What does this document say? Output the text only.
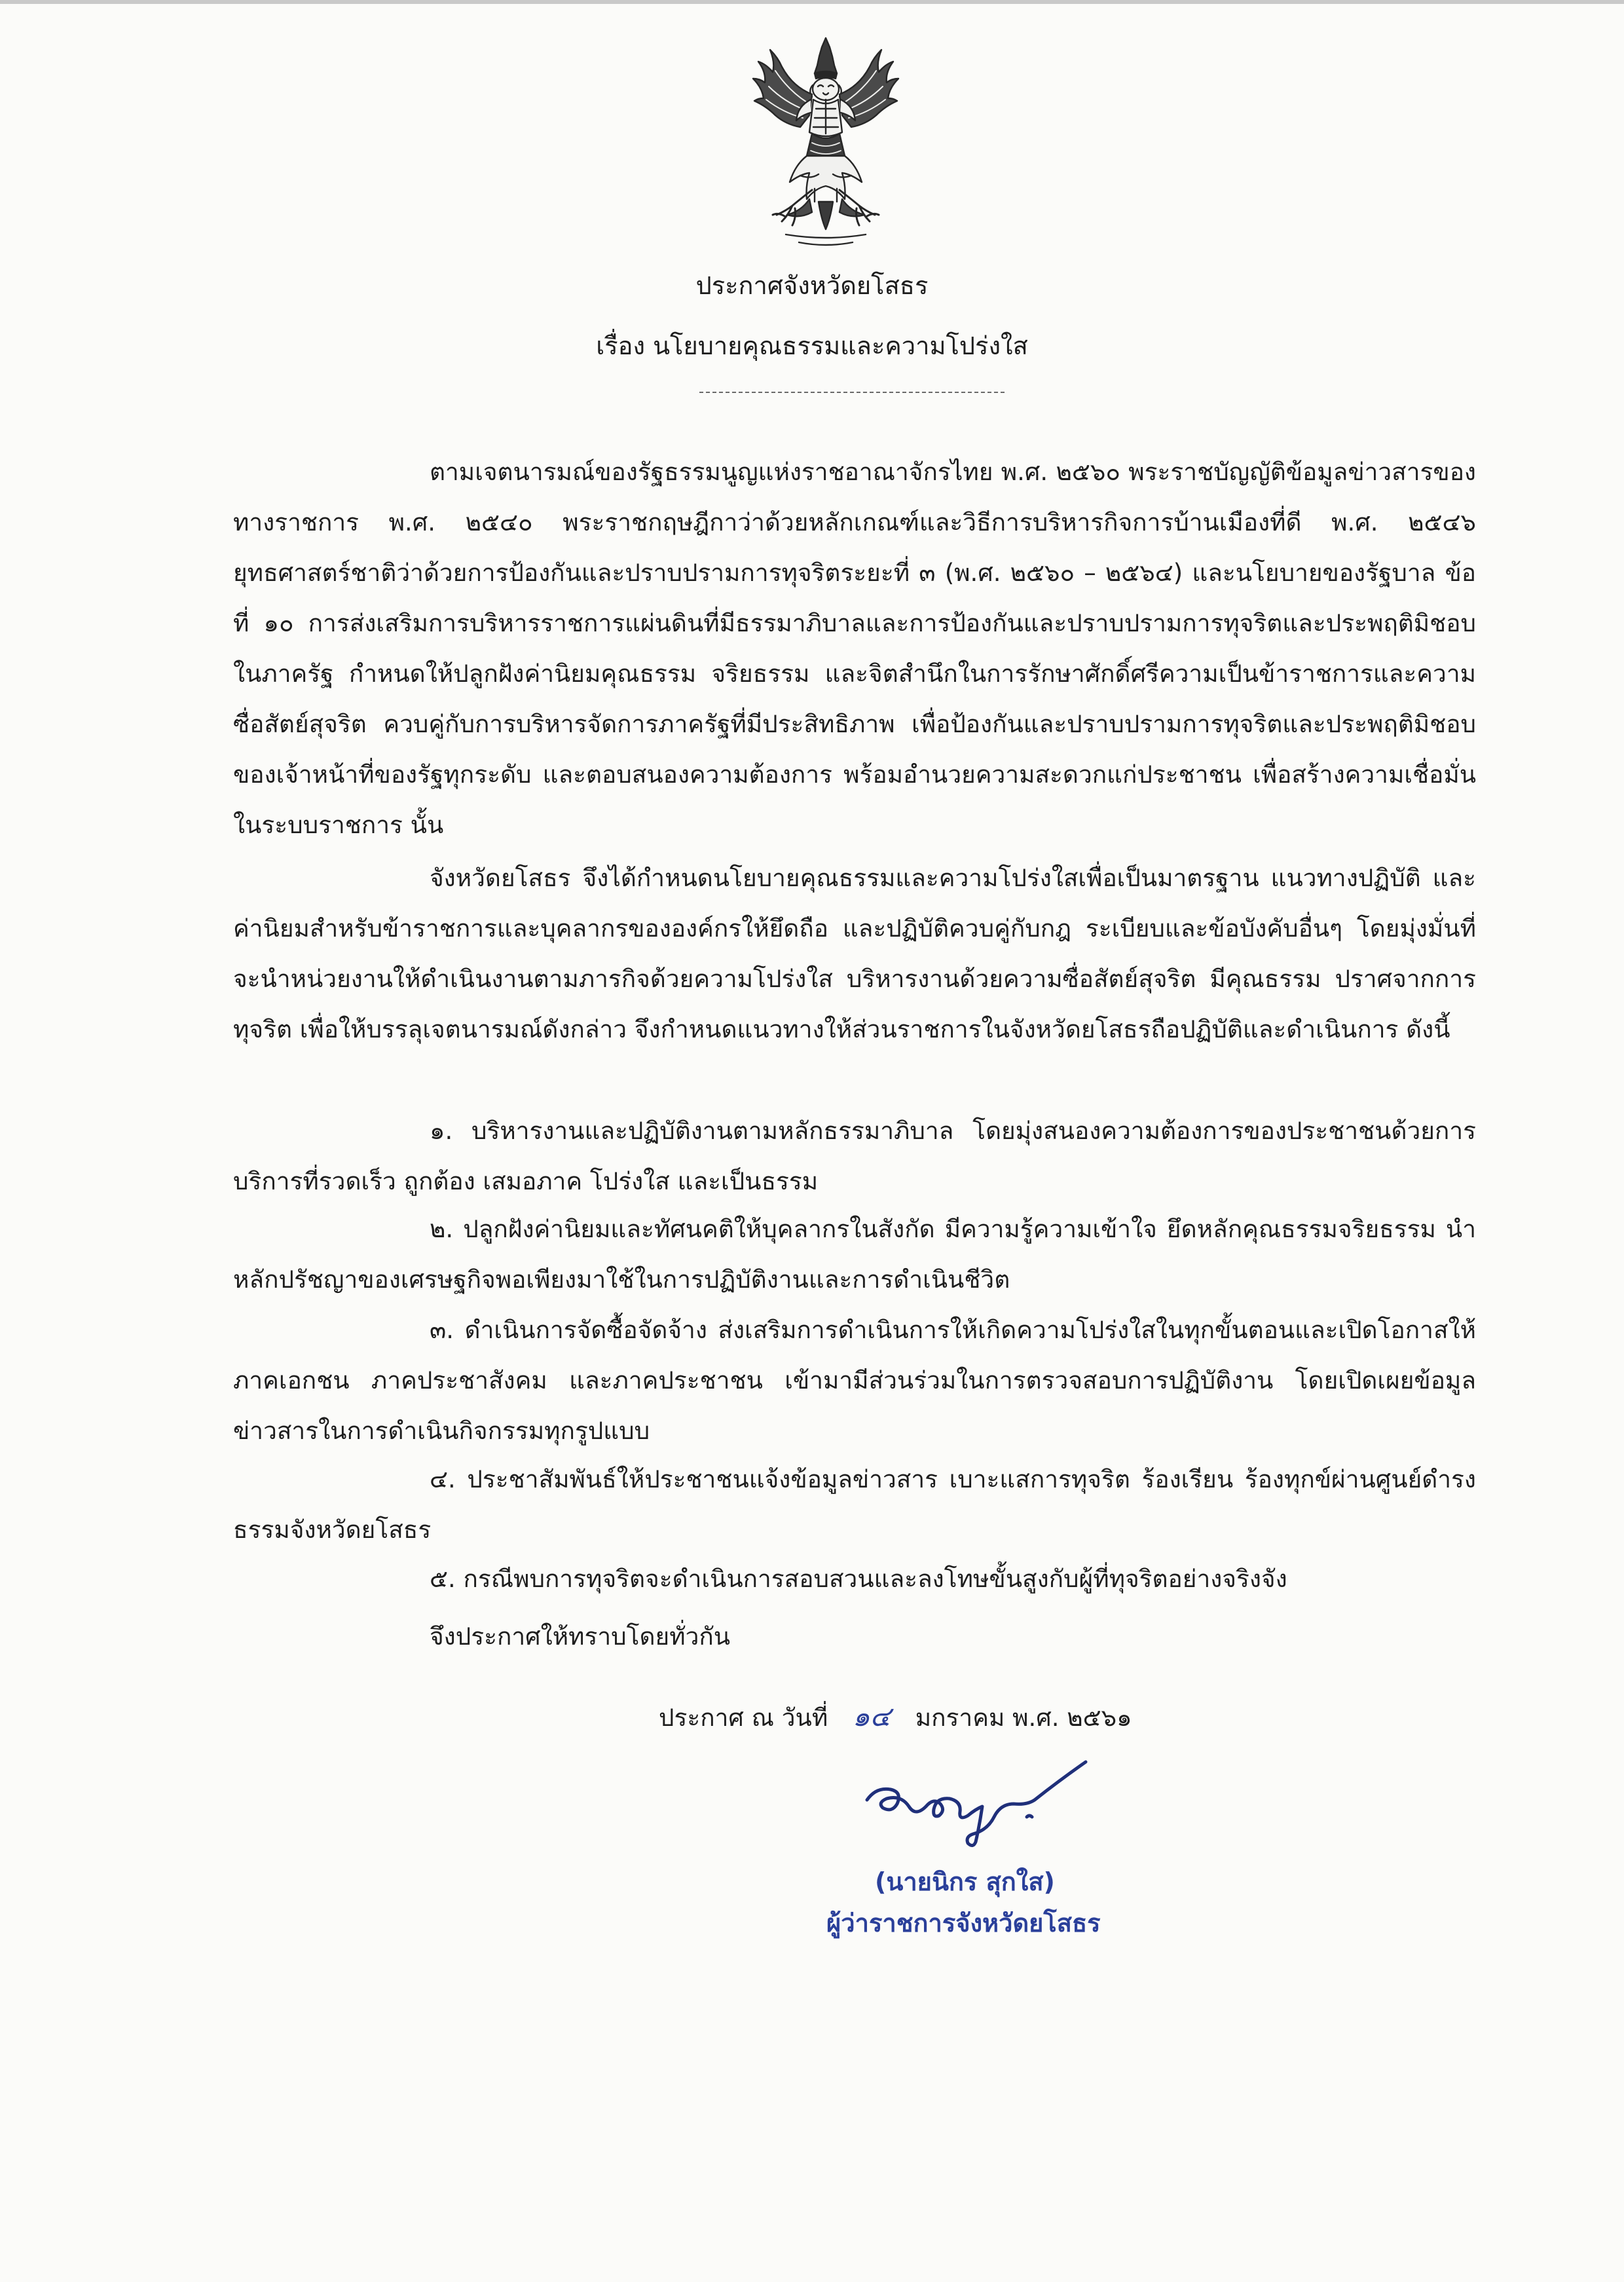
ประกาศจังหวัดยโสธร
เรื่อง นโยบายคุณธรรมและความโปร่งใส

ตามเจตนารมณ์ของรัฐธรรมนูญแห่งราชอาณาจักรไทย พ.ศ. ๒๕๖๐ พระราชบัญญัติข้อมูลข่าวสารของทางราชการ พ.ศ. ๒๕๔๐ พระราชกฤษฎีกาว่าด้วยหลักเกณฑ์และวิธีการบริหารกิจการบ้านเมืองที่ดี พ.ศ. ๒๕๔๖ ยุทธศาสตร์ชาติว่าด้วยการป้องกันและปราบปรามการทุจริตระยะที่ ๓ (พ.ศ. ๒๕๖๐ – ๒๕๖๔) และนโยบายของรัฐบาล ข้อที่ ๑๐ การส่งเสริมการบริหารราชการแผ่นดินที่มีธรรมาภิบาลและการป้องกันและปราบปรามการทุจริตและประพฤติมิชอบในภาครัฐ กำหนดให้ปลูกฝังค่านิยมคุณธรรม จริยธรรม และจิตสำนึกในการรักษาศักดิ์ศรีความเป็นข้าราชการและความซื่อสัตย์สุจริต ควบคู่กับการบริหารจัดการภาครัฐที่มีประสิทธิภาพ เพื่อป้องกันและปราบปรามการทุจริตและประพฤติมิชอบของเจ้าหน้าที่ของรัฐทุกระดับ และตอบสนองความต้องการ พร้อมอำนวยความสะดวกแก่ประชาชน เพื่อสร้างความเชื่อมั่นในระบบราชการ นั้น

จังหวัดยโสธร จึงได้กำหนดนโยบายคุณธรรมและความโปร่งใสเพื่อเป็นมาตรฐาน แนวทางปฏิบัติ และค่านิยมสำหรับข้าราชการและบุคลากรขององค์กรให้ยึดถือ และปฏิบัติควบคู่กับกฎ ระเบียบและข้อบังคับอื่นๆ โดยมุ่งมั่นที่จะนำหน่วยงานให้ดำเนินงานตามภารกิจด้วยความโปร่งใส บริหารงานด้วยความซื่อสัตย์สุจริต มีคุณธรรม ปราศจากการทุจริต เพื่อให้บรรลุเจตนารมณ์ดังกล่าว จึงกำหนดแนวทางให้ส่วนราชการในจังหวัดยโสธรถือปฏิบัติและดำเนินการ ดังนี้

๑. บริหารงานและปฏิบัติงานตามหลักธรรมาภิบาล โดยมุ่งสนองความต้องการของประชาชนด้วยการบริการที่รวดเร็ว ถูกต้อง เสมอภาค โปร่งใส และเป็นธรรม

๒. ปลูกฝังค่านิยมและทัศนคติให้บุคลากรในสังกัด มีความรู้ความเข้าใจ ยึดหลักคุณธรรมจริยธรรม นำหลักปรัชญาของเศรษฐกิจพอเพียงมาใช้ในการปฏิบัติงานและการดำเนินชีวิต

๓. ดำเนินการจัดซื้อจัดจ้าง ส่งเสริมการดำเนินการให้เกิดความโปร่งใสในทุกขั้นตอนและเปิดโอกาสให้ภาคเอกชน ภาคประชาสังคม และภาคประชาชน เข้ามามีส่วนร่วมในการตรวจสอบการปฏิบัติงาน โดยเปิดเผยข้อมูลข่าวสารในการดำเนินกิจกรรมทุกรูปแบบ

๔. ประชาสัมพันธ์ให้ประชาชนแจ้งข้อมูลข่าวสาร เบาะแสการทุจริต ร้องเรียน ร้องทุกข์ผ่านศูนย์ดำรงธรรมจังหวัดยโสธร

๕. กรณีพบการทุจริตจะดำเนินการสอบสวนและลงโทษขั้นสูงกับผู้ที่ทุจริตอย่างจริงจัง

จึงประกาศให้ทราบโดยทั่วกัน
ประกาศ ณ วันที่ ๑๔ มกราคม พ.ศ. ๒๕๖๑
(นายนิกร สุกใส)
ผู้ว่าราชการจังหวัดยโสธร
